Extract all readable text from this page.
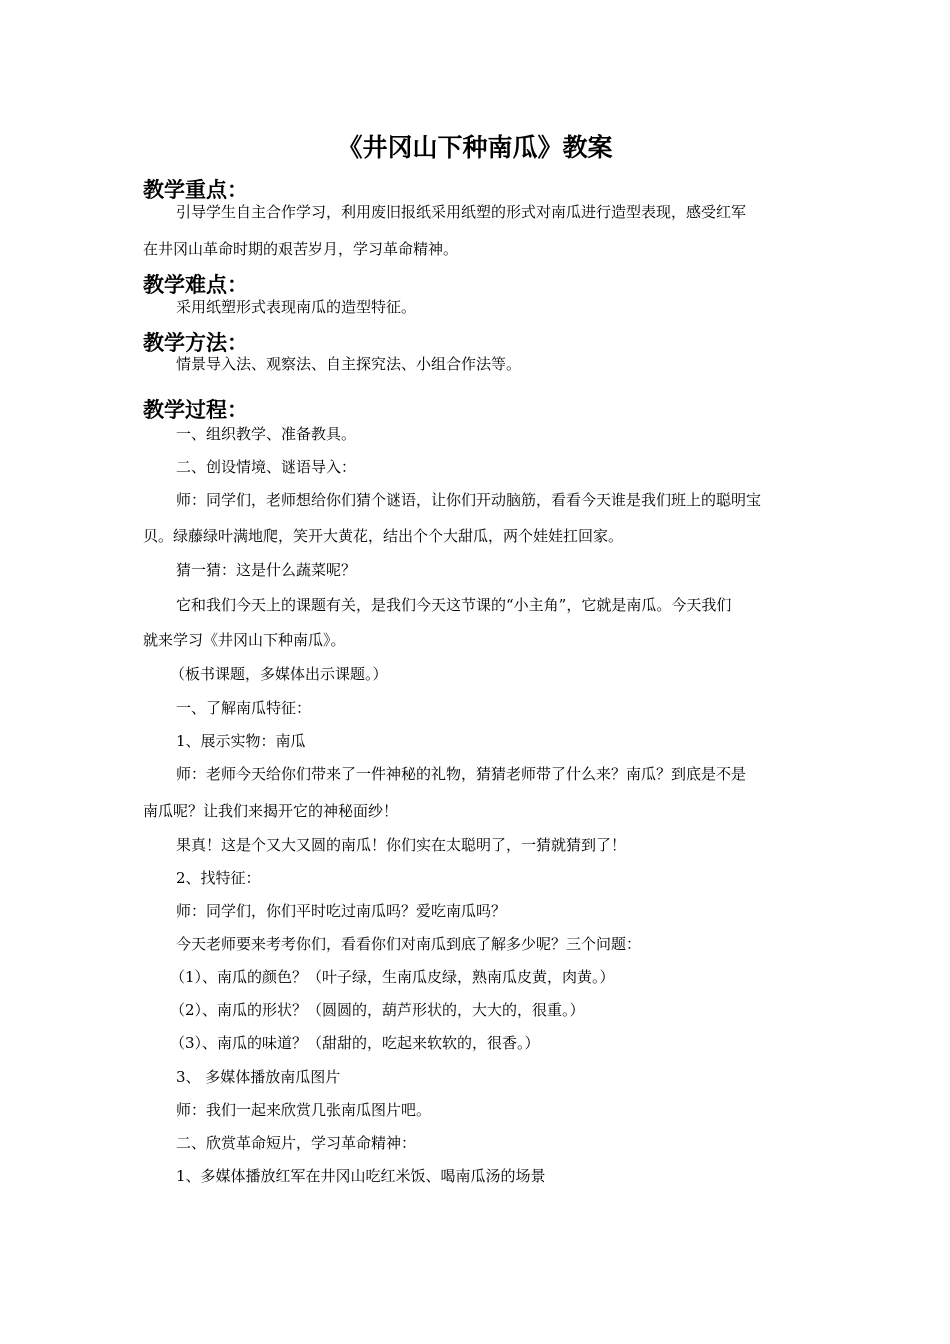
《井冈山下种南瓜》教案
教学重点：
引导学生自主合作学习，利用废旧报纸采用纸塑的形式对南瓜进行造型表现，感受红军
在井冈山革命时期的艰苦岁月，学习革命精神。
教学难点：
采用纸塑形式表现南瓜的造型特征。
教学方法：
情景导入法、观察法、自主探究法、小组合作法等。
教学过程：
一、组织教学、准备教具。
二、创设情境、谜语导入：
师：同学们，老师想给你们猜个谜语，让你们开动脑筋，看看今天谁是我们班上的聪明宝
贝。绿藤绿叶满地爬，笑开大黄花，结出个个大甜瓜，两个娃娃扛回家。
猜一猜：这是什么蔬菜呢？
它和我们今天上的课题有关，是我们今天这节课的“小主角”，它就是南瓜。今天我们
就来学习《井冈山下种南瓜》。
（板书课题，多媒体出示课题。）
一、了解南瓜特征：
1、展示实物：南瓜
师：老师今天给你们带来了一件神秘的礼物，猜猜老师带了什么来？南瓜？到底是不是
南瓜呢？让我们来揭开它的神秘面纱！
果真！这是个又大又圆的南瓜！你们实在太聪明了，一猜就猜到了！
2、找特征：
师：同学们，你们平时吃过南瓜吗？爱吃南瓜吗？
今天老师要来考考你们，看看你们对南瓜到底了解多少呢？三个问题：
（1）、南瓜的颜色？（叶子绿，生南瓜皮绿，熟南瓜皮黄，肉黄。）
（2）、南瓜的形状？（圆圆的，葫芦形状的，大大的，很重。）
（3）、南瓜的味道？（甜甜的，吃起来软软的，很香。）
3、 多媒体播放南瓜图片
师：我们一起来欣赏几张南瓜图片吧。
二、欣赏革命短片，学习革命精神：
1、多媒体播放红军在井冈山吃红米饭、喝南瓜汤的场景
